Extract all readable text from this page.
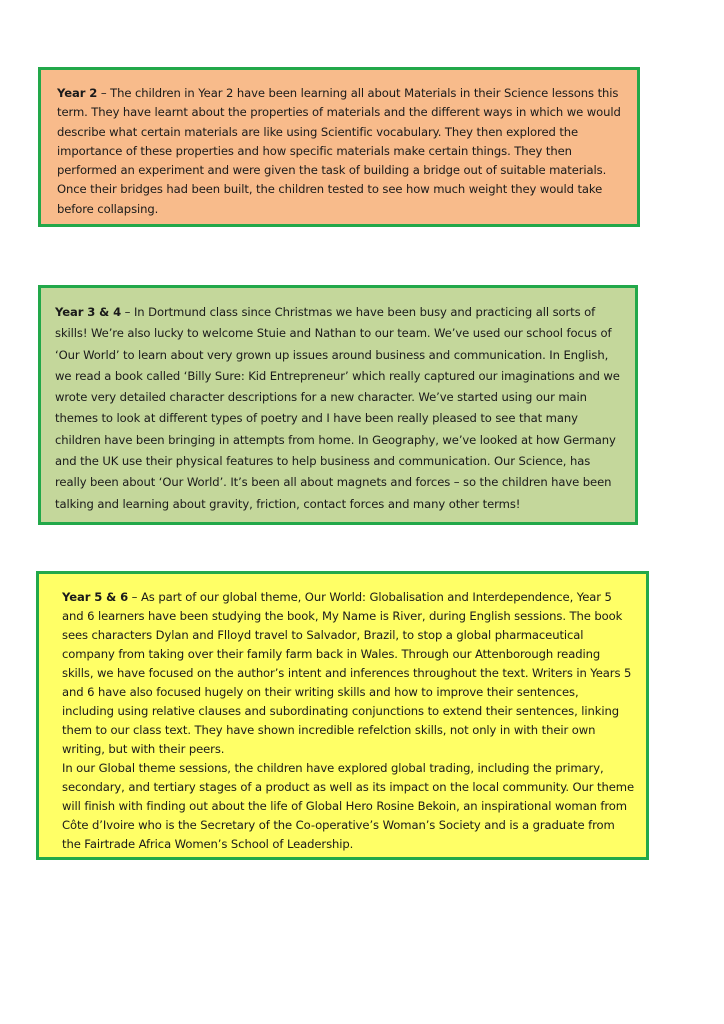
Year 2 – The children in Year 2 have been learning all about Materials in their Science lessons this term. They have learnt about the properties of materials and the different ways in which we would describe what certain materials are like using Scientific vocabulary. They then explored the importance of these properties and how specific materials make certain things. They then performed an experiment and were given the task of building a bridge out of suitable materials. Once their bridges had been built, the children tested to see how much weight they would take before collapsing.

Year 3 & 4 – In Dortmund class since Christmas we have been busy and practicing all sorts of skills! We’re also lucky to welcome Stuie and Nathan to our team. We’ve used our school focus of ‘Our World’ to learn about very grown up issues around business and communication. In English, we read a book called ‘Billy Sure: Kid Entrepreneur’ which really captured our imaginations and we wrote very detailed character descriptions for a new character. We’ve started using our main themes to look at different types of poetry and I have been really pleased to see that many children have been bringing in attempts from home. In Geography, we’ve looked at how Germany and the UK use their physical features to help business and communication. Our Science, has really been about ‘Our World’. It’s been all about magnets and forces – so the children have been talking and learning about gravity, friction, contact forces and many other terms!

Year 5 & 6 – As part of our global theme, Our World: Globalisation and Interdependence, Year 5 and 6 learners have been studying the book, My Name is River, during English sessions. The book sees characters Dylan and Flloyd travel to Salvador, Brazil, to stop a global pharmaceutical company from taking over their family farm back in Wales. Through our Attenborough reading skills, we have focused on the author’s intent and inferences throughout the text. Writers in Years 5 and 6 have also focused hugely on their writing skills and how to improve their sentences, including using relative clauses and subordinating conjunctions to extend their sentences, linking them to our class text. They have shown incredible refelction skills, not only in with their own writing, but with their peers.

In our Global theme sessions, the children have explored global trading, including the primary, secondary, and tertiary stages of a product as well as its impact on the local community. Our theme will finish with finding out about the life of Global Hero Rosine Bekoin, an inspirational woman from Côte d’Ivoire who is the Secretary of the Co-operative’s Woman’s Society and is a graduate from the Fairtrade Africa Women’s School of Leadership.
